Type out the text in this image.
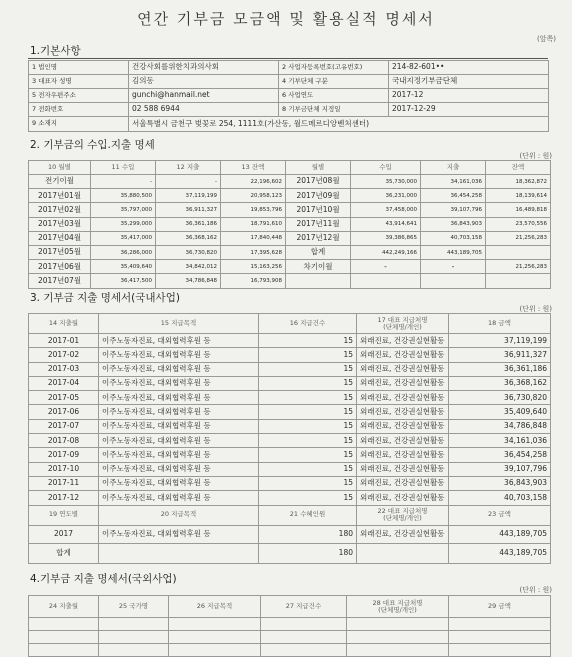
연간 기부금 모금액 및 활용실적 명세서
(앞쪽)
1.기본사항
1 법인명	건강사회를위한치과의사회	2 사업자등록번호(고유번호)	214-82-601••
3 대표자 성명	김의동	4 기부단체 구분	국내지정기부금단체
5 전자우편주소	gunchi@hanmail.net	6 사업연도	2017-12
7 전화번호	02 588 6944	8 기부금단체 지정일	2017-12-29
9 소재지	서울특별시 금천구 벚꽃로 254, 1111호(가산동, 월드메르디앙벤처센터)		
2. 기부금의 수입.지출 명세
(단위 : 원)
10 월별	11 수입	12 지출	13 잔액	월별	수입	지출	잔액
전기이월	-	-	22,196,602	2017년08월	35,730,000	34,161,036	18,362,872
2017년01월	35,880,500	37,119,199	20,958,123	2017년09월	36,231,000	36,454,258	18,139,614
2017년02월	35,797,000	36,911,327	19,853,796	2017년10월	37,458,000	39,107,796	16,489,818
2017년03월	35,299,000	36,361,186	18,791,610	2017년11월	43,914,641	36,843,903	23,570,556
2017년04월	35,417,000	36,368,162	17,840,448	2017년12월	39,386,865	40,703,158	21,256,283
2017년05월	36,286,000	36,730,820	17,395,628	합계	442,249,166	443,189,705	
2017년06월	35,409,640	34,842,012	15,163,256	차기이월	-	-	21,256,283
2017년07월	36,417,500	34,786,848	16,793,908				
3. 기부금 지출 명세서(국내사업)
(단위 : 원)
14 지출월	15 지급목적	16 지급건수	17 대표 지급처명
(단체명/개인)	18 금액
2017-01	이주노동자진료, 대외협력후원 등	15	외래진료, 건강권실현활동	37,119,199
2017-02	이주노동자진료, 대외협력후원 등	15	외래진료, 건강권실현활동	36,911,327
2017-03	이주노동자진료, 대외협력후원 등	15	외래진료, 건강권실현활동	36,361,186
2017-04	이주노동자진료, 대외협력후원 등	15	외래진료, 건강권실현활동	36,368,162
2017-05	이주노동자진료, 대외협력후원 등	15	외래진료, 건강권실현활동	36,730,820
2017-06	이주노동자진료, 대외협력후원 등	15	외래진료, 건강권실현활동	35,409,640
2017-07	이주노동자진료, 대외협력후원 등	15	외래진료, 건강권실현활동	34,786,848
2017-08	이주노동자진료, 대외협력후원 등	15	외래진료, 건강권실현활동	34,161,036
2017-09	이주노동자진료, 대외협력후원 등	15	외래진료, 건강권실현활동	36,454,258
2017-10	이주노동자진료, 대외협력후원 등	15	외래진료, 건강권실현활동	39,107,796
2017-11	이주노동자진료, 대외협력후원 등	15	외래진료, 건강권실현활동	36,843,903
2017-12	이주노동자진료, 대외협력후원 등	15	외래진료, 건강권실현활동	40,703,158
19 연도별	20 지급목적	21 수혜인원	22 대표 지급처명
(단체명/개인)	23 금액
2017	이주노동자진료, 대외협력후원 등	180	외래진료, 건강권실현활동	443,189,705
합계		180		443,189,705
4.기부금 지출 명세서(국외사업)
(단위 : 원)
24 지출월	25 국가명	26 지급목적	27 지급건수	28 대표 지급처명
(단체명/개인)	29 금액
